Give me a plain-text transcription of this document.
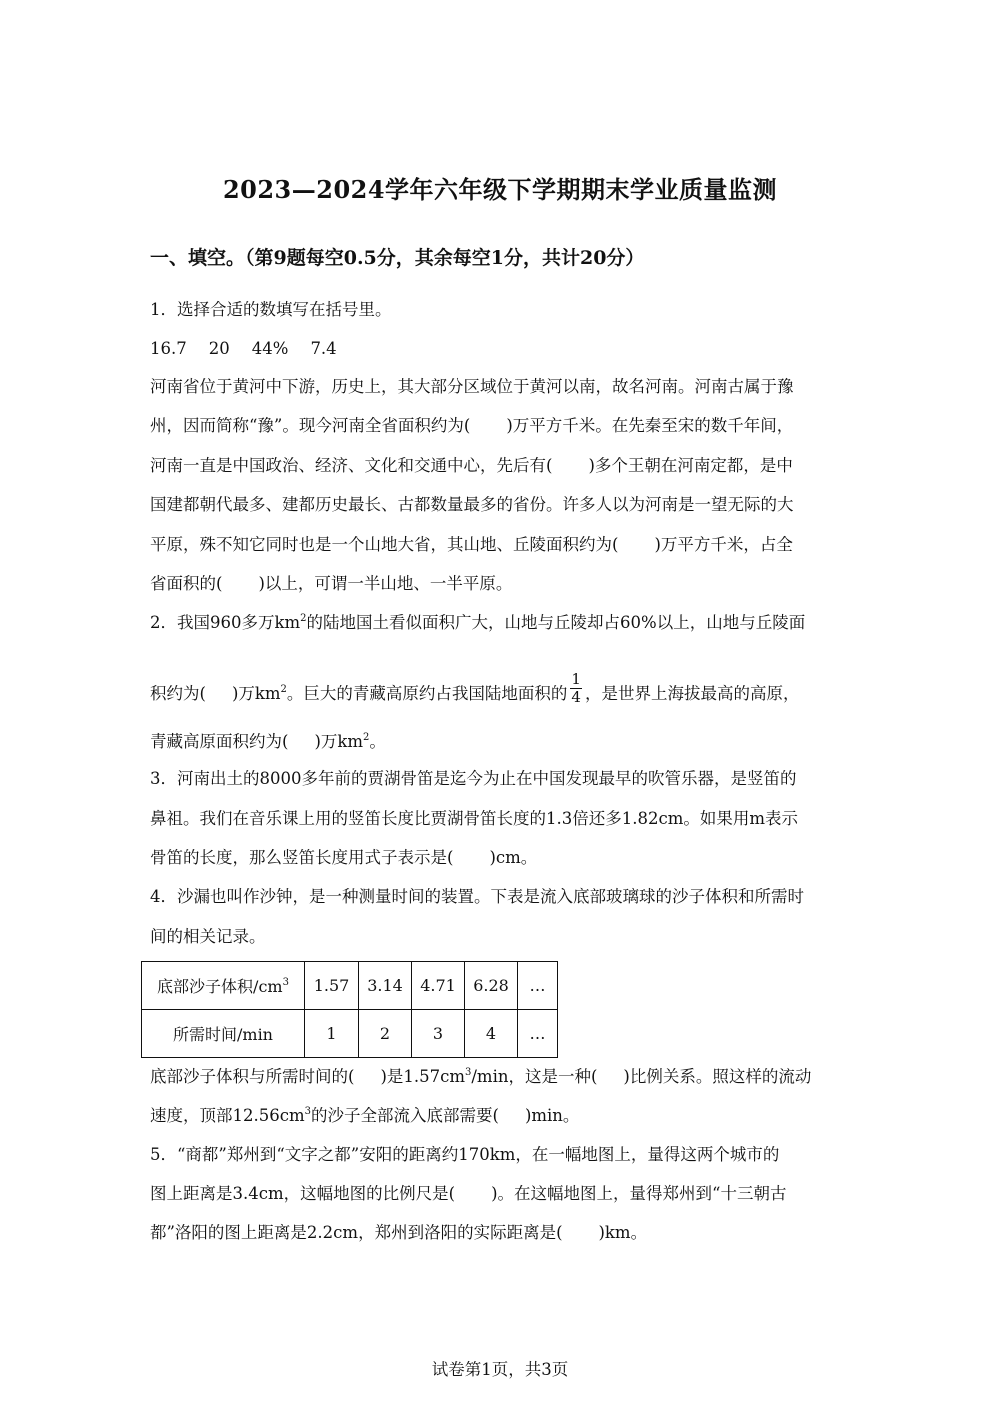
2023—2024学年六年级下学期期末学业质量监测
一、填空。（第9题每空0.5分，其余每空1分，共计20分）
1．选择合适的数填写在括号里。
16.7 20 44% 7.4
河南省位于黄河中下游，历史上，其大部分区域位于黄河以南，故名河南。河南古属于豫
州，因而简称“豫”。现今河南全省面积约为( )万平方千米。在先秦至宋的数千年间，
河南一直是中国政治、经济、文化和交通中心，先后有( )多个王朝在河南定都，是中
国建都朝代最多、建都历史最长、古都数量最多的省份。许多人以为河南是一望无际的大
平原，殊不知它同时也是一个山地大省，其山地、丘陵面积约为( )万平方千米，占全
省面积的( )以上，可谓一半山地、一半平原。
2．我国960多万$km^2$的陆地国土看似面积广大，山地与丘陵却占60%以上，山地与丘陵面
积约为( )万$km^2$。巨大的青藏高原约占我国陆地面积的 $\frac{1}{4}$ ，是世界上海拔最高的高原，
青藏高原面积约为( )万$km^2$。
3．河南出土的8000多年前的贾湖骨笛是迄今为止在中国发现最早的吹管乐器，是竖笛的
鼻祖。我们在音乐课上用的竖笛长度比贾湖骨笛长度的1.3倍还多1.82cm。如果用m表示
骨笛的长度，那么竖笛长度用式子表示是( )cm。
4．沙漏也叫作沙钟，是一种测量时间的装置。下表是流入底部玻璃球的沙子体积和所需时
间的相关记录。
底部沙子体积$/cm^3$	1.57	3.14	4.71	6.28	…
所需时间/min	1	2	3	4	…
底部沙子体积与所需时间的( )是$1.57cm^3/\min$，这是一种( )比例关系。照这样的流动
速度，顶部$12.56cm^3$的沙子全部流入底部需要( )min。
5．“商都”郑州到“文字之都”安阳的距离约170km，在一幅地图上，量得这两个城市的
图上距离是3.4cm，这幅地图的比例尺是( )。在这幅地图上，量得郑州到“十三朝古
都”洛阳的图上距离是2.2cm，郑州到洛阳的实际距离是( )km。
试卷第1页，共3页
